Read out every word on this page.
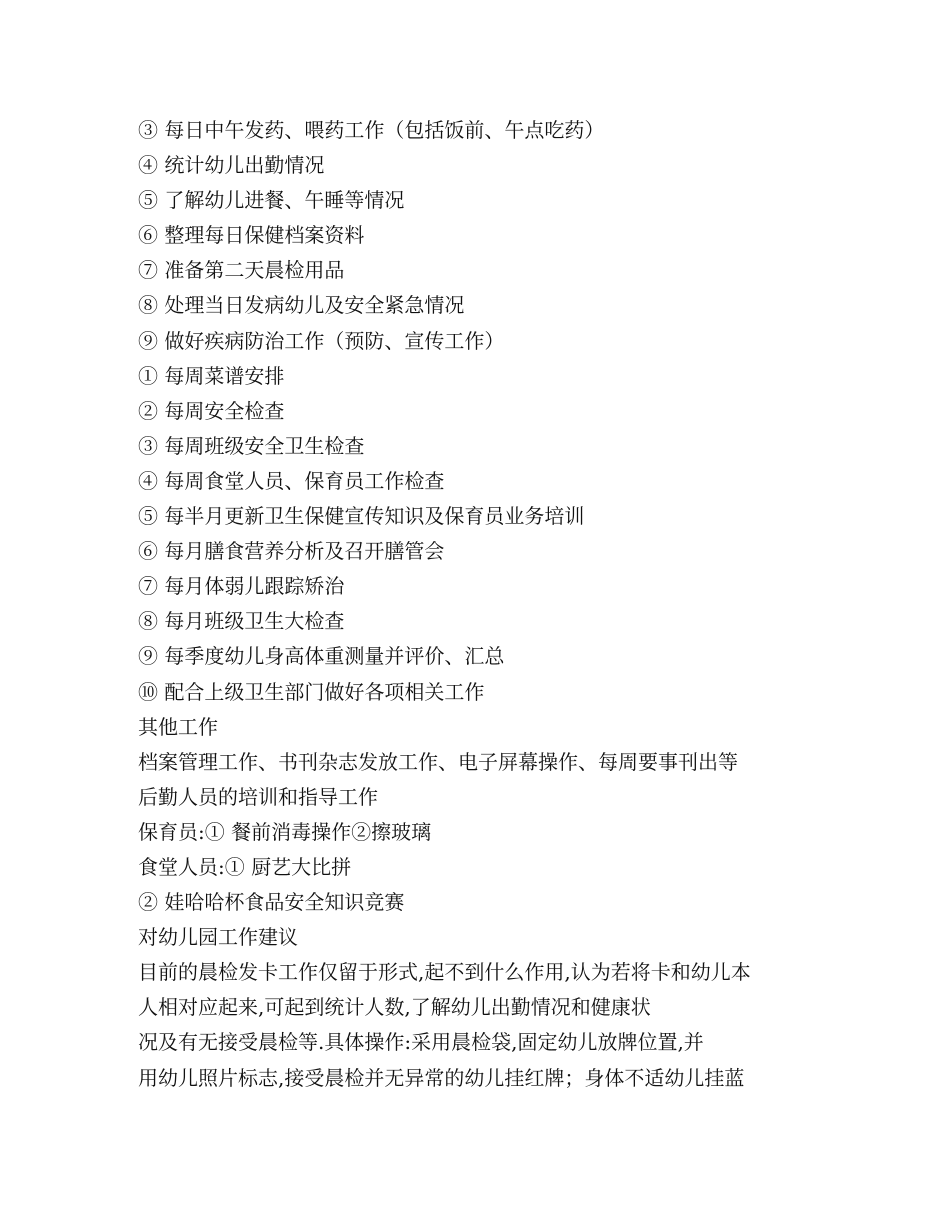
③ 每日中午发药、喂药工作（包括饭前、午点吃药）
④ 统计幼儿出勤情况
⑤ 了解幼儿进餐、午睡等情况
⑥ 整理每日保健档案资料
⑦ 准备第二天晨检用品
⑧ 处理当日发病幼儿及安全紧急情况
⑨ 做好疾病防治工作（预防、宣传工作）
① 每周菜谱安排
② 每周安全检查
③ 每周班级安全卫生检查
④ 每周食堂人员、保育员工作检查
⑤ 每半月更新卫生保健宣传知识及保育员业务培训
⑥ 每月膳食营养分析及召开膳管会
⑦ 每月体弱儿跟踪矫治
⑧ 每月班级卫生大检查
⑨ 每季度幼儿身高体重测量并评价、汇总
⑩ 配合上级卫生部门做好各项相关工作
其他工作
档案管理工作、书刊杂志发放工作、电子屏幕操作、每周要事刊出等
后勤人员的培训和指导工作
保育员:① 餐前消毒操作②擦玻璃
食堂人员:① 厨艺大比拼
② 娃哈哈杯食品安全知识竞赛
对幼儿园工作建议
目前的晨检发卡工作仅留于形式,起不到什么作用,认为若将卡和幼儿本
人相对应起来,可起到统计人数,了解幼儿出勤情况和健康状
况及有无接受晨检等.具体操作:采用晨检袋,固定幼儿放牌位置,并
用幼儿照片标志,接受晨检并无异常的幼儿挂红牌；身体不适幼儿挂蓝
